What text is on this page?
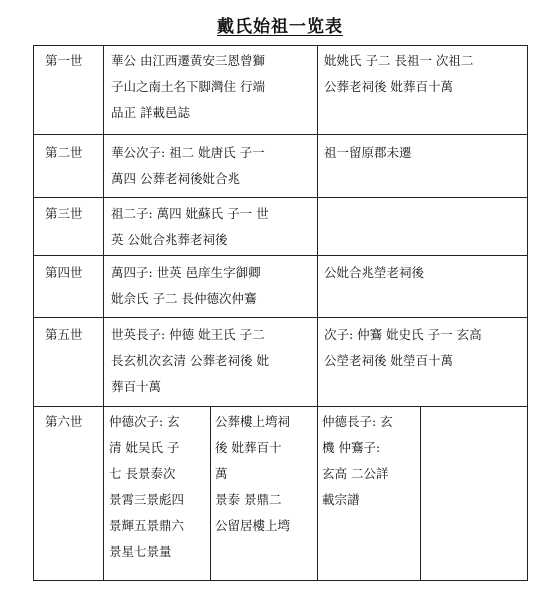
戴氏始祖一览表
第一世 華公 由江西遷黄安三恩曾獅
子山之南土名下脚灣住 行端
品正 詳載邑誌
妣姚氏 子二 長祖一 次祖二
公葬老祠後 妣葬百十萬
第二世 華公次子: 祖二 妣唐氏 子一
萬四 公葬老祠後妣合兆
祖一留原郡未遷
第三世 祖二子: 萬四 妣蘇氏 子一 世
英 公妣合兆葬老祠後
第四世 萬四子: 世英 邑庠生字御卿
妣佘氏 子二 長仲德次仲鶱
公妣合兆塋老祠後
第五世 世英長子: 仲德 妣王氏 子二
長玄机次玄清 公葬老祠後 妣
葬百十萬
次子: 仲鶱 妣史氏 子一 玄高
公塋老祠後 妣塋百十萬
第六世 仲德次子: 玄
清 妣吴氏 子
七 長景泰次
景霄三景彪四
景輝五景鼎六
景星七景量
公葬樓上塆祠
後 妣葬百十
萬
景泰 景鼎二
公留居樓上塆
仲德長子: 玄
機 仲鶱子:
玄高 二公詳
載宗譜
